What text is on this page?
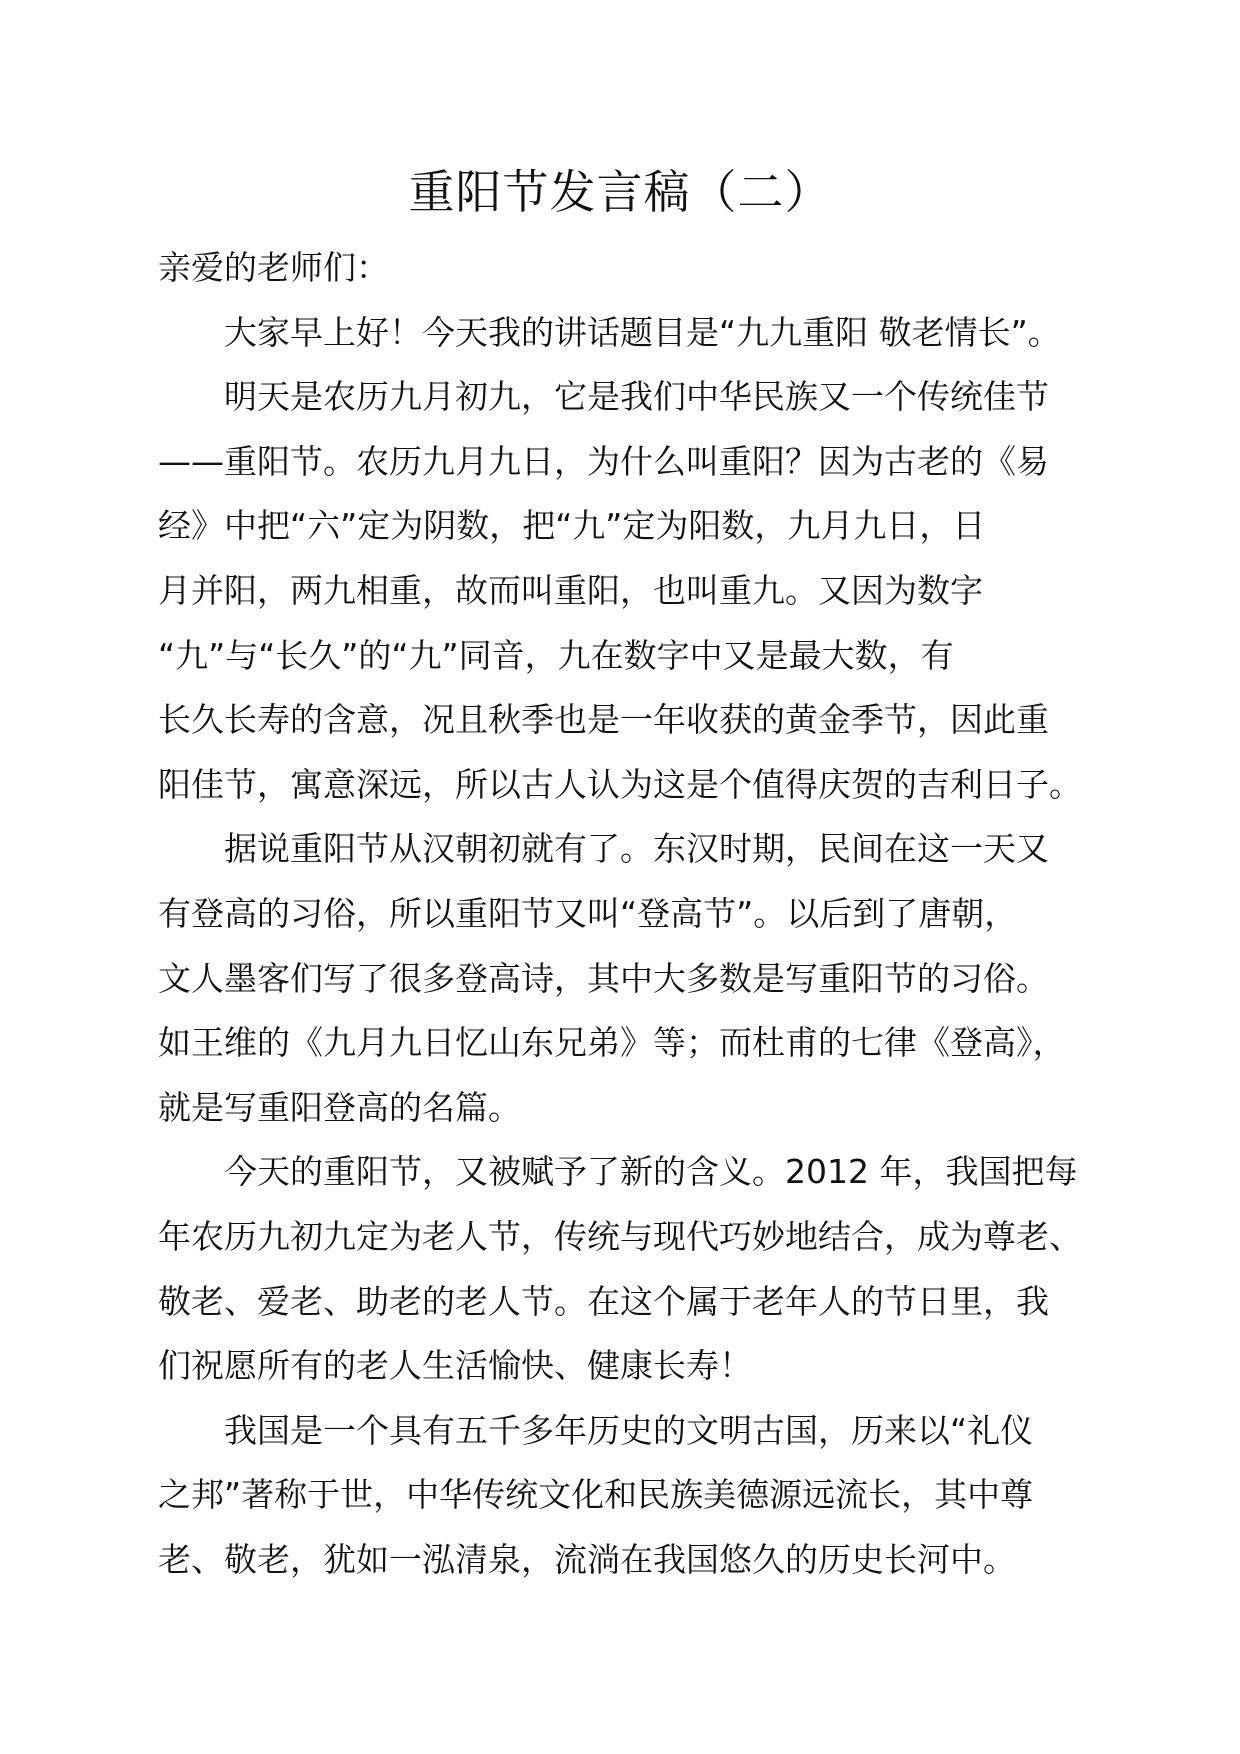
重阳节发言稿（二）
亲爱的老师们：
大家早上好！今天我的讲话题目是“九九重阳 敬老情长”。
明天是农历九月初九，它是我们中华民族又一个传统佳节
——重阳节。农历九月九日，为什么叫重阳？因为古老的《易
经》中把“六”定为阴数，把“九”定为阳数，九月九日，日
月并阳，两九相重，故而叫重阳，也叫重九。又因为数字
“九”与“长久”的“九”同音，九在数字中又是最大数，有
长久长寿的含意，况且秋季也是一年收获的黄金季节，因此重
阳佳节，寓意深远，所以古人认为这是个值得庆贺的吉利日子。
据说重阳节从汉朝初就有了。东汉时期，民间在这一天又
有登高的习俗，所以重阳节又叫“登高节”。以后到了唐朝，
文人墨客们写了很多登高诗，其中大多数是写重阳节的习俗。
如王维的《九月九日忆山东兄弟》等；而杜甫的七律《登高》，
就是写重阳登高的名篇。
今天的重阳节，又被赋予了新的含义。2012 年，我国把每
年农历九初九定为老人节，传统与现代巧妙地结合，成为尊老、
敬老、爱老、助老的老人节。在这个属于老年人的节日里，我
们祝愿所有的老人生活愉快、健康长寿！
我国是一个具有五千多年历史的文明古国，历来以“礼仪
之邦”著称于世，中华传统文化和民族美德源远流长，其中尊
老、敬老，犹如一泓清泉，流淌在我国悠久的历史长河中。
